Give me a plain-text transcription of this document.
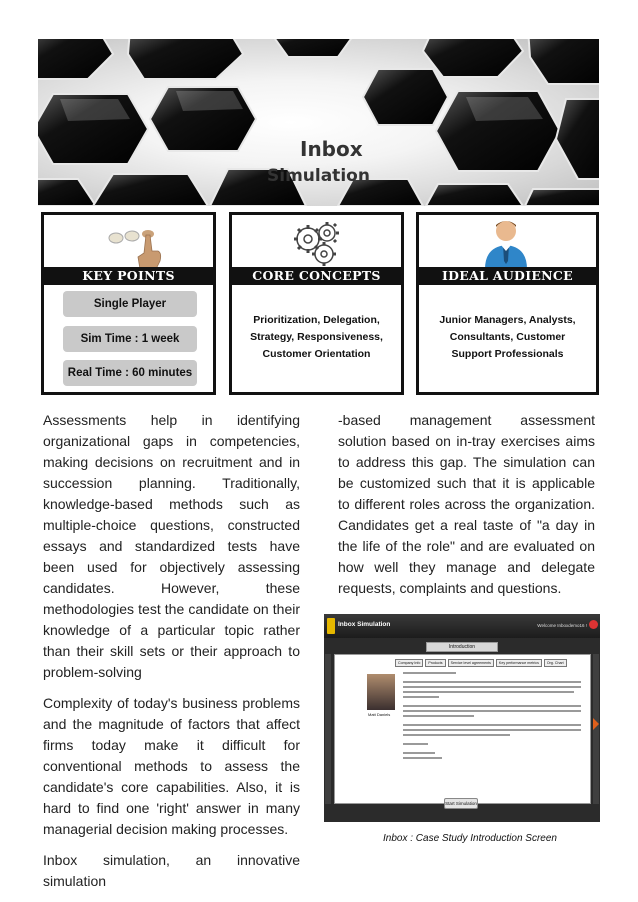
Inbox
Simulation
KEY POINTS
Single Player
Sim Time : 1 week
Real Time : 60 minutes
CORE CONCEPTS
Prioritization, Delegation, Strategy, Responsiveness, Customer Orientation
IDEAL AUDIENCE
Junior Managers, Analysts, Consultants, Customer Support Professionals

Assessments help in identifying organizational gaps in competencies, making decisions on recruitment and in succession planning. Traditionally, knowledge-based methods such as multiple-choice questions, constructed essays and standardized tests have been used for objectively assessing candidates. However, these methodologies test the candidate on their knowledge of a particular topic rather than their skill sets or their approach to problem-solving

Complexity of today's business problems and the magnitude of factors that affect firms today make it difficult for conventional methods to assess the candidate's core capabilities. Also, it is hard to find one 'right' answer in many managerial decision making processes.

Inbox simulation, an innovative simulation

-based management assessment solution based on in-tray exercises aims to address this gap. The simulation can be customized such that it is applicable to different roles across the organization. Candidates get a real taste of "a day in the life of the role" and are evaluated on how well they manage and delegate requests, complaints and questions.

Inbox Simulation	Welcome Inboxdemo16 !
Introduction
Company Info	Products	Service level agreements	Key performance metrics	Org. Chart
Matt Daniels
Start Simulation
Inbox : Case Study Introduction Screen
